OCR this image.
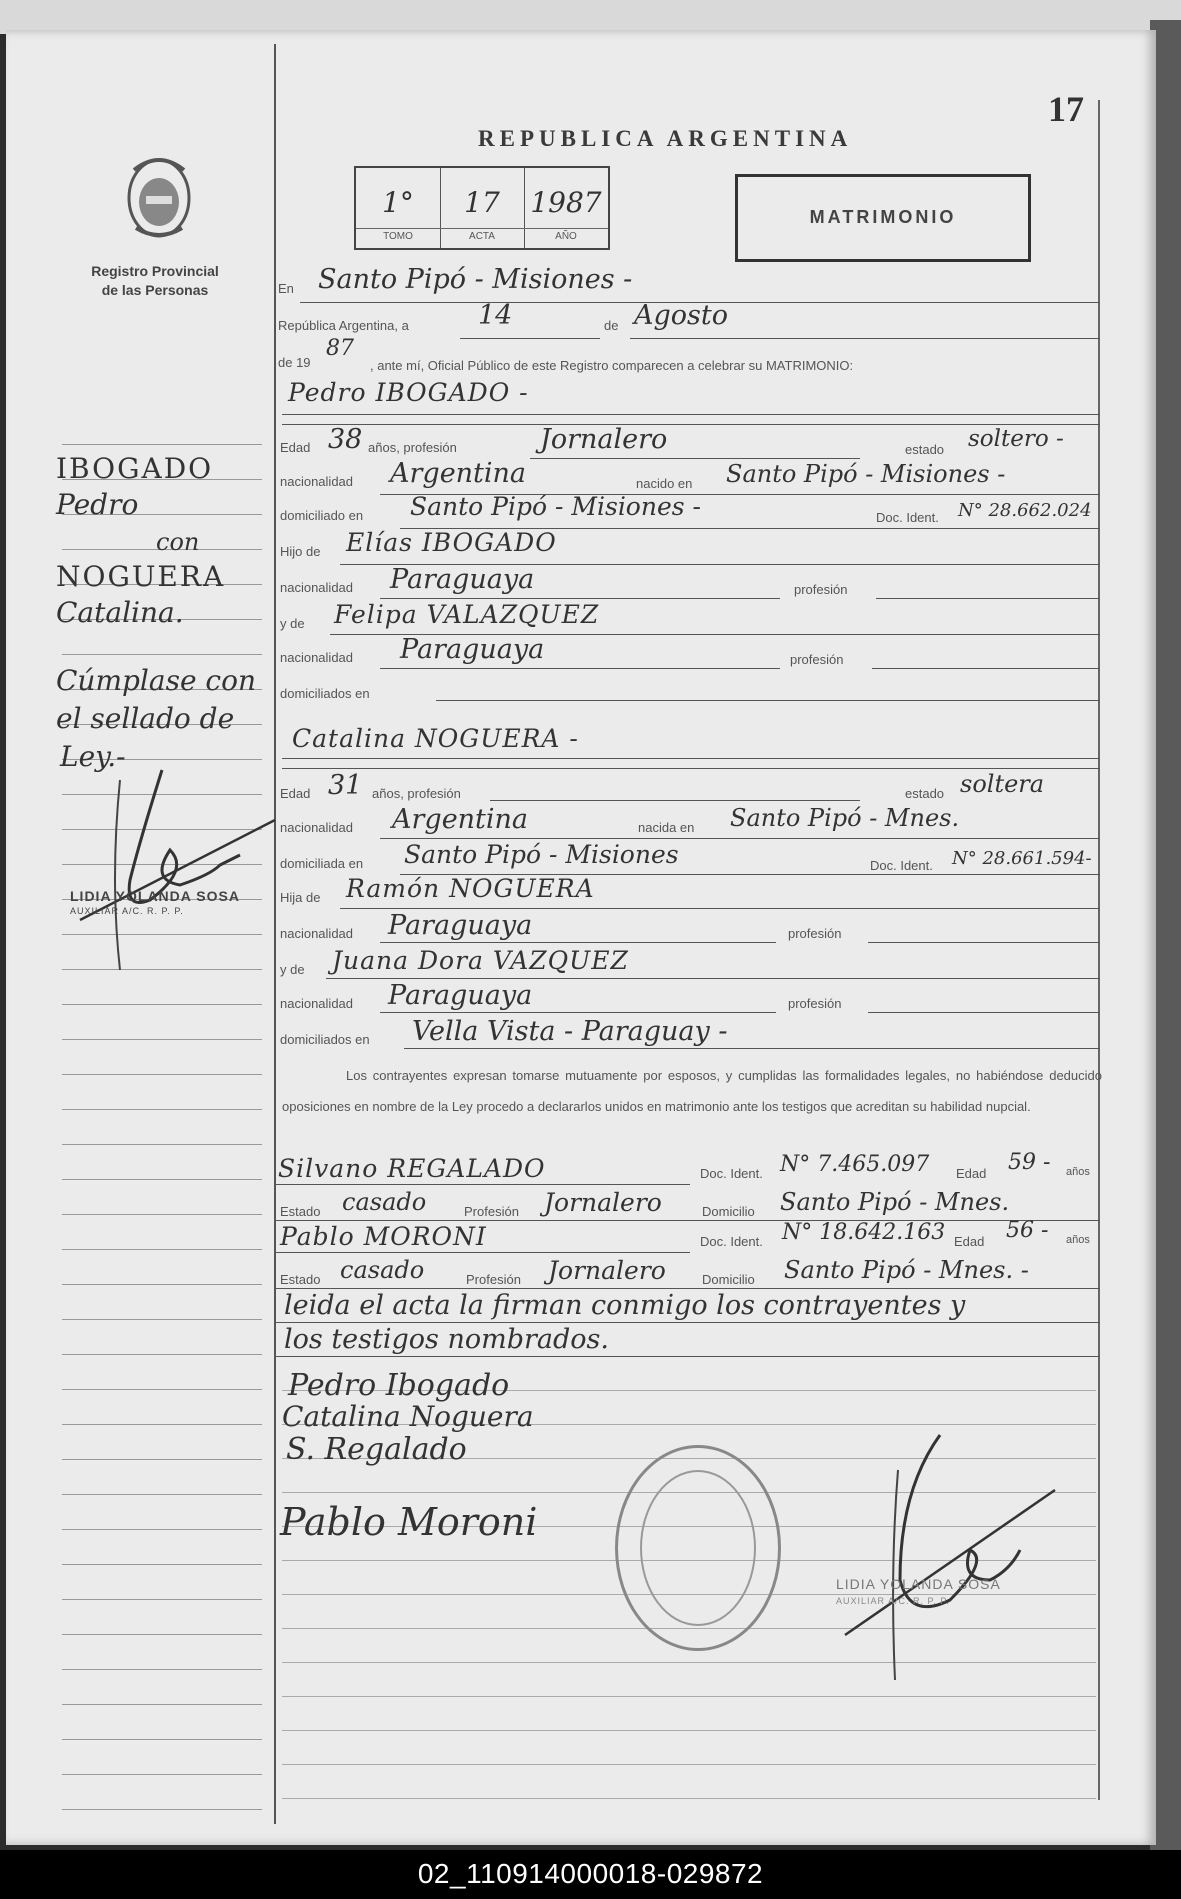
REPUBLICA ARGENTINA
17
1°
TOMO
17
ACTA
1987
AÑO
MATRIMONIO
Registro Provincial
de las Personas
IBOGADO
Pedro
con
NOGUERA
Catalina.
Cúmplase con
el sellado de
Ley.-
LIDIA YOLANDA SOSA
AUXILIAR A/C. R. P. P.
En Santo Pipó - Misiones -
República Argentina, a	14	de Agosto
de 19
87
, ante mí, Oficial Público de este Registro comparecen a celebrar su MATRIMONIO:
Pedro IBOGADO -
Edad 38 años, profesión	Jornalero	estado soltero -
nacionalidad Argentina	nacido en Santo Pipó - Misiones -
domiciliado en Santo Pipó - Misiones -	Doc. Ident. N° 28.662.024
Hijo de Elías IBOGADO
nacionalidad Paraguaya	profesión
y de Felipa VALAZQUEZ
nacionalidad Paraguaya	profesión
domiciliados en
Catalina NOGUERA -
Edad 31 años, profesión	estado soltera
nacionalidad Argentina	nacida en Santo Pipó - Mnes.
domiciliada en Santo Pipó - Misiones	Doc. Ident. N° 28.661.594-
Hija de Ramón NOGUERA
nacionalidad Paraguaya	profesión
y de Juana Dora VAZQUEZ
nacionalidad Paraguaya	profesión
domiciliados en Vella Vista - Paraguay -
Los contrayentes expresan tomarse mutuamente por esposos, y cumplidas las formalidades legales, no habiéndose deducido oposiciones en nombre de la Ley procedo a declararlos unidos en matrimonio ante los testigos que acreditan su habilidad nupcial.
Silvano REGALADO	Doc. Ident. N° 7.465.097 Edad 59 - años
Estado casado	Profesión Jornalero	Domicilio Santo Pipó - Mnes.
Pablo MORONI	Doc. Ident. N° 18.642.163 Edad 56 - años
Estado casado	Profesión Jornalero	Domicilio Santo Pipó - Mnes. -
leida el acta la firman conmigo los contrayentes y
los testigos nombrados.
Pedro Ibogado
Catalina Noguera
S. Regalado
Pablo Moroni
LIDIA YOLANDA SOSA
AUXILIAR A/C. R. P. P.
02_110914000018-029872
